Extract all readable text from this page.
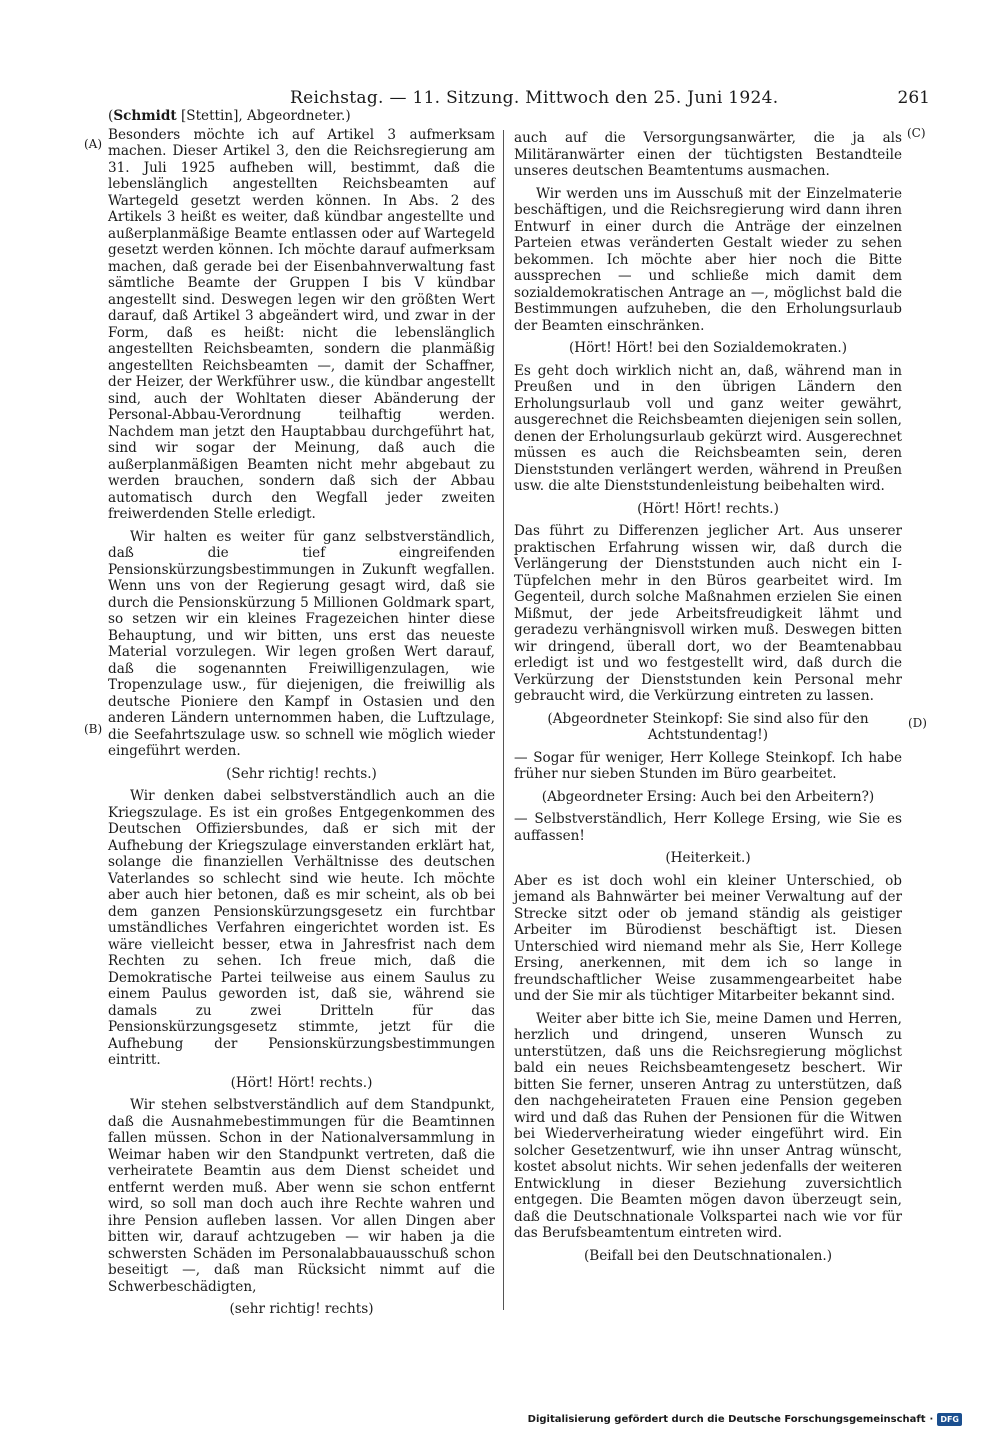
Reichstag. — 11. Sitzung. Mittwoch den 25. Juni 1924.	261
(A)
(B)
(C)
(D)
(Schmidt [Stettin], Abgeordneter.)

Besonders möchte ich auf Artikel 3 aufmerksam machen. Dieser Artikel 3, den die Reichsregierung am 31. Juli 1925 aufheben will, bestimmt, daß die lebenslänglich angestellten Reichsbeamten auf Wartegeld gesetzt werden können. In Abs. 2 des Artikels 3 heißt es weiter, daß kündbar angestellte und außerplanmäßige Beamte entlassen oder auf Wartegeld gesetzt werden können. Ich möchte darauf aufmerksam machen, daß gerade bei der Eisenbahnverwaltung fast sämtliche Beamte der Gruppen I bis V kündbar angestellt sind. Deswegen legen wir den größten Wert darauf, daß Artikel 3 abgeändert wird, und zwar in der Form, daß es heißt: nicht die lebenslänglich angestellten Reichsbeamten, sondern die planmäßig angestellten Reichsbeamten —, damit der Schaffner, der Heizer, der Werkführer usw., die kündbar angestellt sind, auch der Wohltaten dieser Abänderung der Personal-Abbau-Verordnung teilhaftig werden. Nachdem man jetzt den Hauptabbau durchgeführt hat, sind wir sogar der Meinung, daß auch die außerplanmäßigen Beamten nicht mehr abgebaut zu werden brauchen, sondern daß sich der Abbau automatisch durch den Wegfall jeder zweiten freiwerdenden Stelle erledigt.

Wir halten es weiter für ganz selbstverständlich, daß die tief eingreifenden Pensionskürzungsbestimmungen in Zukunft wegfallen. Wenn uns von der Regierung gesagt wird, daß sie durch die Pensionskürzung 5 Millionen Goldmark spart, so setzen wir ein kleines Fragezeichen hinter diese Behauptung, und wir bitten, uns erst das neueste Material vorzulegen. Wir legen großen Wert darauf, daß die sogenannten Freiwilligenzulagen, wie Tropenzulage usw., für diejenigen, die freiwillig als deutsche Pioniere den Kampf in Ostasien und den anderen Ländern unternommen haben, die Luftzulage, die Seefahrtszulage usw. so schnell wie möglich wieder eingeführt werden.

(Sehr richtig! rechts.)

Wir denken dabei selbstverständlich auch an die Kriegszulage. Es ist ein großes Entgegenkommen des Deutschen Offiziersbundes, daß er sich mit der Aufhebung der Kriegszulage einverstanden erklärt hat, solange die finanziellen Verhältnisse des deutschen Vaterlandes so schlecht sind wie heute. Ich möchte aber auch hier betonen, daß es mir scheint, als ob bei dem ganzen Pensionskürzungsgesetz ein furchtbar umständliches Verfahren eingerichtet worden ist. Es wäre vielleicht besser, etwa in Jahresfrist nach dem Rechten zu sehen. Ich freue mich, daß die Demokratische Partei teilweise aus einem Saulus zu einem Paulus geworden ist, daß sie, während sie damals zu zwei Dritteln für das Pensionskürzungsgesetz stimmte, jetzt für die Aufhebung der Pensionskürzungsbestimmungen eintritt.

(Hört! Hört! rechts.)

Wir stehen selbstverständlich auf dem Standpunkt, daß die Ausnahmebestimmungen für die Beamtinnen fallen müssen. Schon in der Nationalversammlung in Weimar haben wir den Standpunkt vertreten, daß die verheiratete Beamtin aus dem Dienst scheidet und entfernt werden muß. Aber wenn sie schon entfernt wird, so soll man doch auch ihre Rechte wahren und ihre Pension aufleben lassen. Vor allen Dingen aber bitten wir, darauf achtzugeben — wir haben ja die schwersten Schäden im Personalabbauausschuß schon beseitigt —, daß man Rücksicht nimmt auf die Schwerbeschädigten,

(sehr richtig! rechts)

auch auf die Versorgungsanwärter, die ja als Militäranwärter einen der tüchtigsten Bestandteile unseres deutschen Beamtentums ausmachen.

Wir werden uns im Ausschuß mit der Einzelmaterie beschäftigen, und die Reichsregierung wird dann ihren Entwurf in einer durch die Anträge der einzelnen Parteien etwas veränderten Gestalt wieder zu sehen bekommen. Ich möchte aber hier noch die Bitte aussprechen — und schließe mich damit dem sozialdemokratischen Antrage an —, möglichst bald die Bestimmungen aufzuheben, die den Erholungsurlaub der Beamten einschränken.

(Hört! Hört! bei den Sozialdemokraten.)

Es geht doch wirklich nicht an, daß, während man in Preußen und in den übrigen Ländern den Erholungsurlaub voll und ganz weiter gewährt, ausgerechnet die Reichsbeamten diejenigen sein sollen, denen der Erholungsurlaub gekürzt wird. Ausgerechnet müssen es auch die Reichsbeamten sein, deren Dienststunden verlängert werden, während in Preußen usw. die alte Dienststundenleistung beibehalten wird.

(Hört! Hört! rechts.)

Das führt zu Differenzen jeglicher Art. Aus unserer praktischen Erfahrung wissen wir, daß durch die Verlängerung der Dienststunden auch nicht ein I-Tüpfelchen mehr in den Büros gearbeitet wird. Im Gegenteil, durch solche Maßnahmen erzielen Sie einen Mißmut, der jede Arbeitsfreudigkeit lähmt und geradezu verhängnisvoll wirken muß. Deswegen bitten wir dringend, überall dort, wo der Beamtenabbau erledigt ist und wo festgestellt wird, daß durch die Verkürzung der Dienststunden kein Personal mehr gebraucht wird, die Verkürzung eintreten zu lassen.

(Abgeordneter Steinkopf: Sie sind also für den Achtstundentag!)

— Sogar für weniger, Herr Kollege Steinkopf. Ich habe früher nur sieben Stunden im Büro gearbeitet.

(Abgeordneter Ersing: Auch bei den Arbeitern?)

— Selbstverständlich, Herr Kollege Ersing, wie Sie es auffassen!

(Heiterkeit.)

Aber es ist doch wohl ein kleiner Unterschied, ob jemand als Bahnwärter bei meiner Verwaltung auf der Strecke sitzt oder ob jemand ständig als geistiger Arbeiter im Bürodienst beschäftigt ist. Diesen Unterschied wird niemand mehr als Sie, Herr Kollege Ersing, anerkennen, mit dem ich so lange in freundschaftlicher Weise zusammengearbeitet habe und der Sie mir als tüchtiger Mitarbeiter bekannt sind.

Weiter aber bitte ich Sie, meine Damen und Herren, herzlich und dringend, unseren Wunsch zu unterstützen, daß uns die Reichsregierung möglichst bald ein neues Reichsbeamtengesetz beschert. Wir bitten Sie ferner, unseren Antrag zu unterstützen, daß den nachgeheirateten Frauen eine Pension gegeben wird und daß das Ruhen der Pensionen für die Witwen bei Wiederverheiratung wieder eingeführt wird. Ein solcher Gesetzentwurf, wie ihn unser Antrag wünscht, kostet absolut nichts. Wir sehen jedenfalls der weiteren Entwicklung in dieser Beziehung zuversichtlich entgegen. Die Beamten mögen davon überzeugt sein, daß die Deutschnationale Volkspartei nach wie vor für das Berufsbeamtentum eintreten wird.

(Beifall bei den Deutschnationalen.)
Digitalisierung gefördert durch die Deutsche Forschungsgemeinschaft · DFG
